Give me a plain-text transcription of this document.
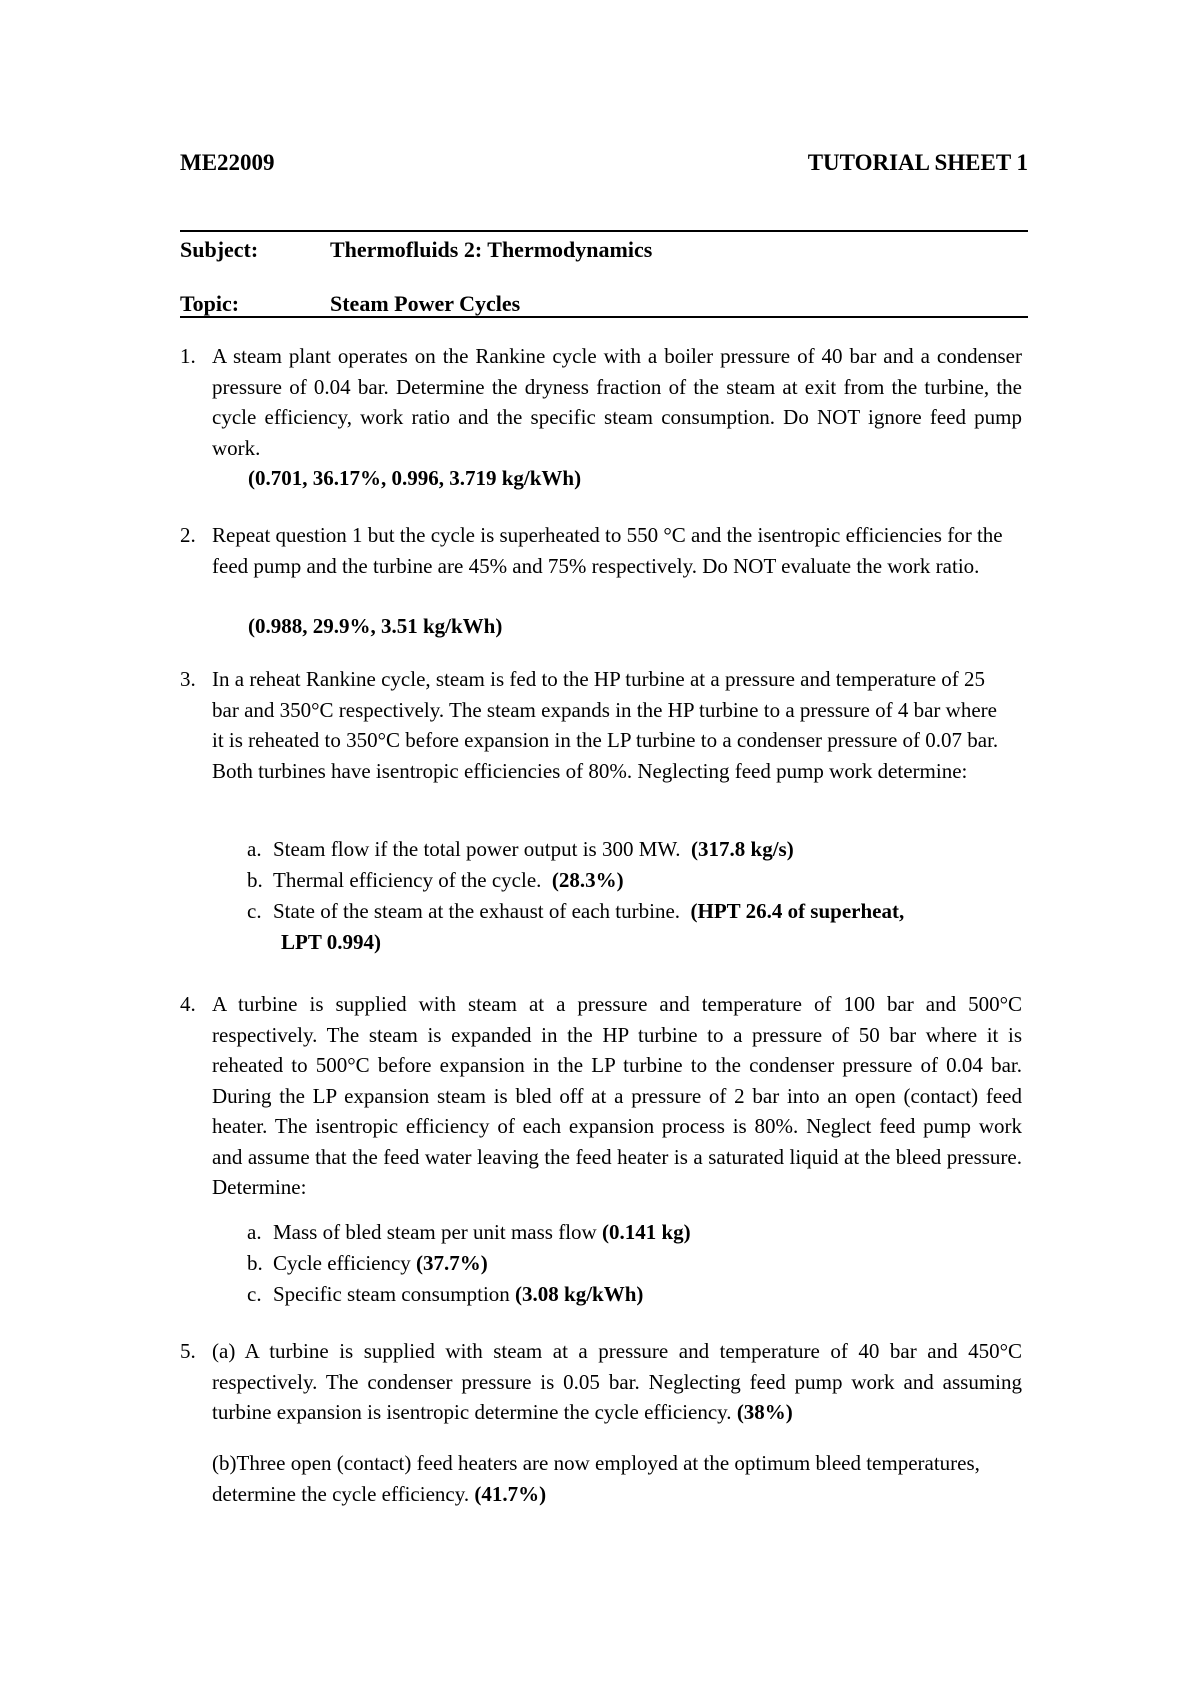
ME22009	TUTORIAL SHEET 1
Subject:	Thermofluids 2: Thermodynamics
Topic:	Steam Power Cycles
1. A steam plant operates on the Rankine cycle with a boiler pressure of 40 bar and a condenser pressure of 0.04 bar. Determine the dryness fraction of the steam at exit from the turbine, the cycle efficiency, work ratio and the specific steam consumption. Do NOT ignore feed pump work.
(0.701, 36.17%, 0.996, 3.719 kg/kWh)
2. Repeat question 1 but the cycle is superheated to 550 °C and the isentropic efficiencies for the feed pump and the turbine are 45% and 75% respectively. Do NOT evaluate the work ratio.
(0.988, 29.9%, 3.51 kg/kWh)
3. In a reheat Rankine cycle, steam is fed to the HP turbine at a pressure and temperature of 25 bar and 350°C respectively. The steam expands in the HP turbine to a pressure of 4 bar where it is reheated to 350°C before expansion in the LP turbine to a condenser pressure of 0.07 bar. Both turbines have isentropic efficiencies of 80%. Neglecting feed pump work determine:
a. Steam flow if the total power output is 300 MW. (317.8 kg/s)
b. Thermal efficiency of the cycle. (28.3%)
c. State of the steam at the exhaust of each turbine. (HPT 26.4 of superheat,
LPT 0.994)
4. A turbine is supplied with steam at a pressure and temperature of 100 bar and 500°C respectively. The steam is expanded in the HP turbine to a pressure of 50 bar where it is reheated to 500°C before expansion in the LP turbine to the condenser pressure of 0.04 bar. During the LP expansion steam is bled off at a pressure of 2 bar into an open (contact) feed heater. The isentropic efficiency of each expansion process is 80%. Neglect feed pump work and assume that the feed water leaving the feed heater is a saturated liquid at the bleed pressure. Determine:
a. Mass of bled steam per unit mass flow (0.141 kg)
b. Cycle efficiency (37.7%)
c. Specific steam consumption (3.08 kg/kWh)
5. (a) A turbine is supplied with steam at a pressure and temperature of 40 bar and 450°C respectively. The condenser pressure is 0.05 bar. Neglecting feed pump work and assuming turbine expansion is isentropic determine the cycle efficiency. (38%)
(b)Three open (contact) feed heaters are now employed at the optimum bleed temperatures, determine the cycle efficiency. (41.7%)
